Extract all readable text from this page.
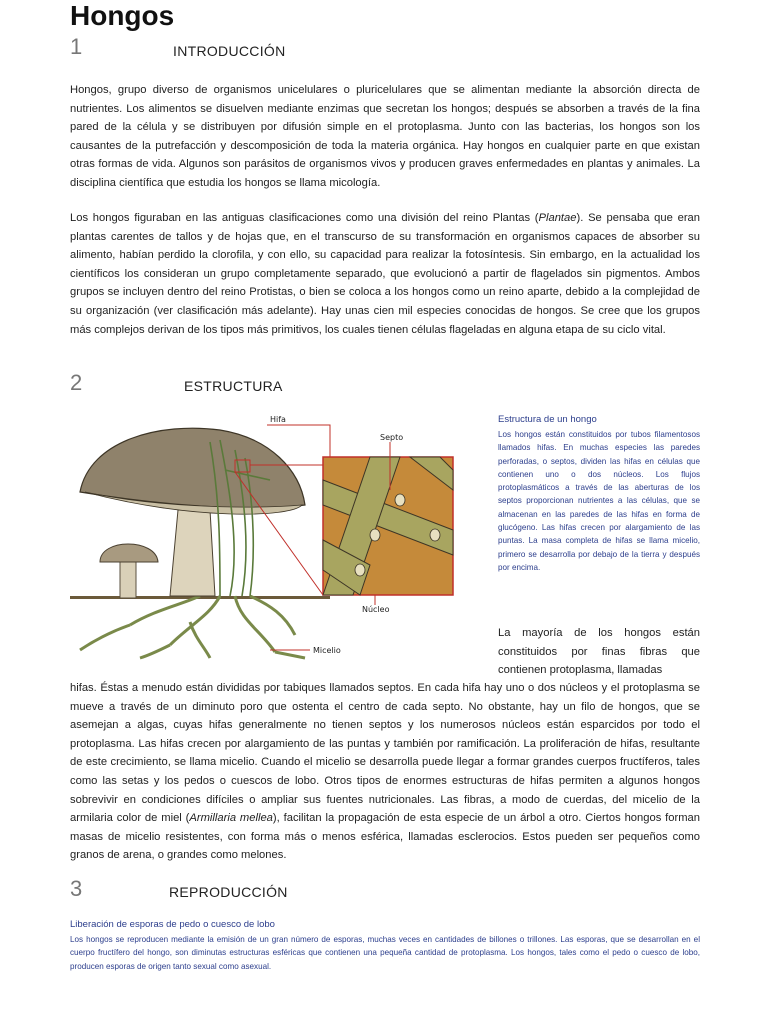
Hongos
1	INTRODUCCIÓN

Hongos, grupo diverso de organismos unicelulares o pluricelulares que se alimentan mediante la absorción directa de nutrientes. Los alimentos se disuelven mediante enzimas que secretan los hongos; después se absorben a través de la fina pared de la célula y se distribuyen por difusión simple en el protoplasma. Junto con las bacterias, los hongos son los causantes de la putrefacción y descomposición de toda la materia orgánica. Hay hongos en cualquier parte en que existan otras formas de vida. Algunos son parásitos de organismos vivos y producen graves enfermedades en plantas y animales. La disciplina científica que estudia los hongos se llama micología.

Los hongos figuraban en las antiguas clasificaciones como una división del reino Plantas (Plantae). Se pensaba que eran plantas carentes de tallos y de hojas que, en el transcurso de su transformación en organismos capaces de absorber su alimento, habían perdido la clorofila, y con ello, su capacidad para realizar la fotosíntesis. Sin embargo, en la actualidad los científicos los consideran un grupo completamente separado, que evolucionó a partir de flagelados sin pigmentos. Ambos grupos se incluyen dentro del reino Protistas, o bien se coloca a los hongos como un reino aparte, debido a la complejidad de su organización (ver clasificación más adelante). Hay unas cien mil especies conocidas de hongos. Se cree que los grupos más complejos derivan de los tipos más primitivos, los cuales tienen células flageladas en alguna etapa de su ciclo vital.

2	ESTRUCTURA
Hifa
Septo
Núcleo
Micelio
Estructura de un hongo

Los hongos están constituidos por tubos filamentosos llamados hifas. En muchas especies las paredes perforadas, o septos, dividen las hifas en células que contienen uno o dos núcleos. Los flujos protoplasmáticos a través de las aberturas de los septos proporcionan nutrientes a las células, que se almacenan en las paredes de las hifas en forma de glucógeno. Las hifas crecen por alargamiento de las puntas. La masa completa de hifas se llama micelio, primero se desarrolla por debajo de la tierra y después por encima.

La mayoría de los hongos están constituidos por finas fibras que contienen protoplasma, llamadas

hifas. Éstas a menudo están divididas por tabiques llamados septos. En cada hifa hay uno o dos núcleos y el protoplasma se mueve a través de un diminuto poro que ostenta el centro de cada septo. No obstante, hay un filo de hongos, que se asemejan a algas, cuyas hifas generalmente no tienen septos y los numerosos núcleos están esparcidos por todo el protoplasma. Las hifas crecen por alargamiento de las puntas y también por ramificación. La proliferación de hifas, resultante de este crecimiento, se llama micelio. Cuando el micelio se desarrolla puede llegar a formar grandes cuerpos fructíferos, tales como las setas y los pedos o cuescos de lobo. Otros tipos de enormes estructuras de hifas permiten a algunos hongos sobrevivir en condiciones difíciles o ampliar sus fuentes nutricionales. Las fibras, a modo de cuerdas, del micelio de la armilaria color de miel (Armillaria mellea), facilitan la propagación de esta especie de un árbol a otro. Ciertos hongos forman masas de micelio resistentes, con forma más o menos esférica, llamadas esclerocios. Estos pueden ser pequeños como granos de arena, o grandes como melones.

3	REPRODUCCIÓN
Liberación de esporas de pedo o cuesco de lobo

Los hongos se reproducen mediante la emisión de un gran número de esporas, muchas veces en cantidades de billones o trillones. Las esporas, que se desarrollan en el cuerpo fructífero del hongo, son diminutas estructuras esféricas que contienen una pequeña cantidad de protoplasma. Los hongos, tales como el pedo o cuesco de lobo, producen esporas de origen tanto sexual como asexual.
